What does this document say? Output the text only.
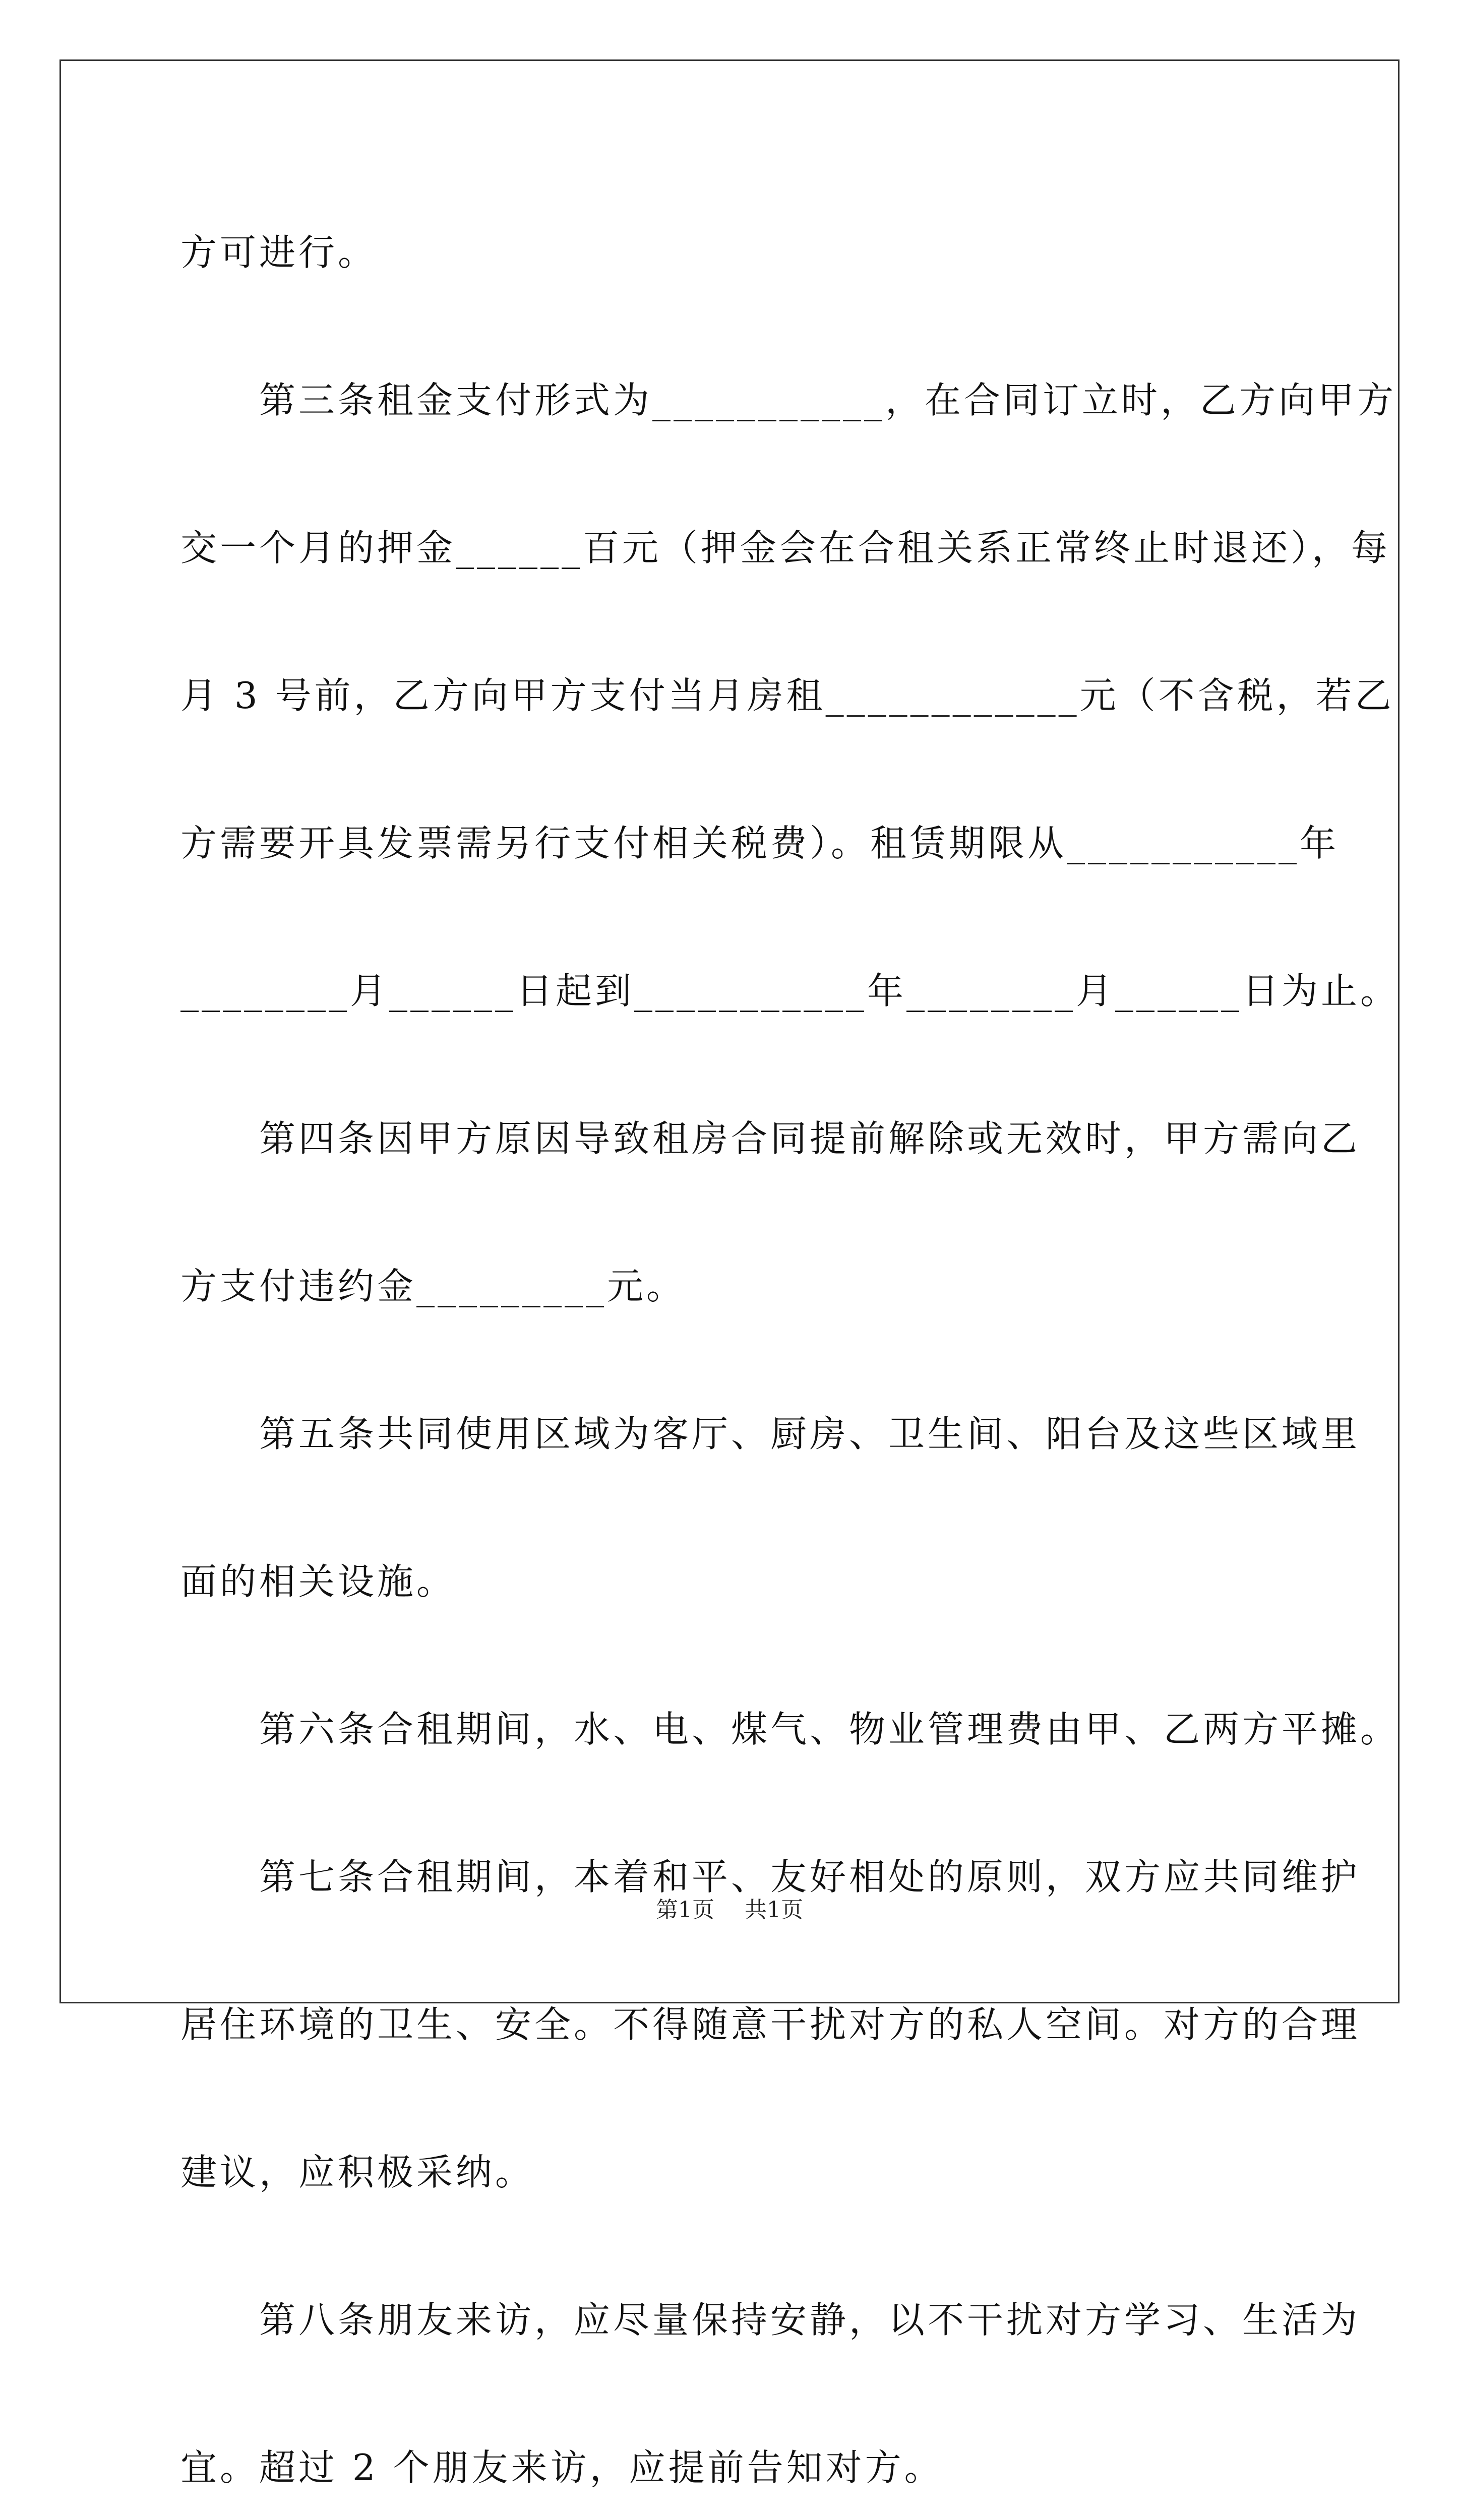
方可进行。
　　第三条租金支付形式为___________，在合同订立时，乙方向甲方
交一个月的押金______百元（押金会在合租关系正常终止时退还），每
月 3 号前，乙方向甲方支付当月房租____________元（不含税，若乙
方需要开具发票需另行支付相关税费）。租赁期限从___________年
________月______日起到___________年________月______日为止。
　　第四条因甲方原因导致租房合同提前解除或无效时，甲方需向乙
方支付违约金_________元。
　　第五条共同使用区域为客厅、厨房、卫生间、阳台及这些区域里
面的相关设施。
　　第六条合租期间，水、电、煤气、物业管理费由甲、乙两方平摊。
　　第七条合租期间，本着和平、友好相处的原则，双方应共同维护
居住环境的卫生、安全。不得随意干扰对方的私人空间。对方的合理
建议，应积极采纳。
　　第八条朋友来访，应尽量保持安静，以不干扰对方学习、生活为
宜。超过 2 个朋友来访，应提前告知对方。
第1页 共1页
